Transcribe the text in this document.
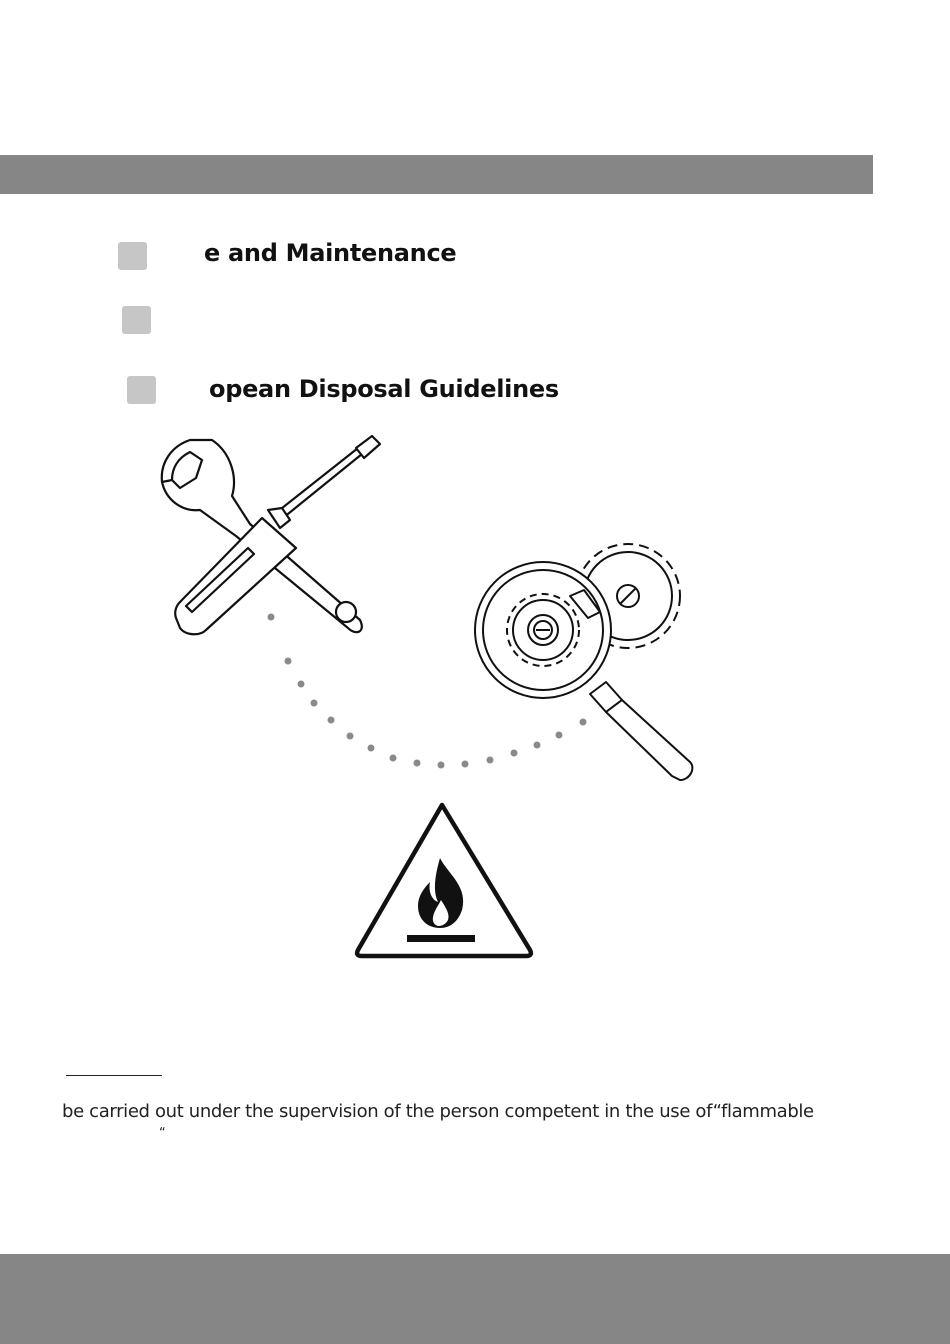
e and Maintenance
opean Disposal Guidelines
be carried out under the supervision of the person competent in the use of“flammable
“
